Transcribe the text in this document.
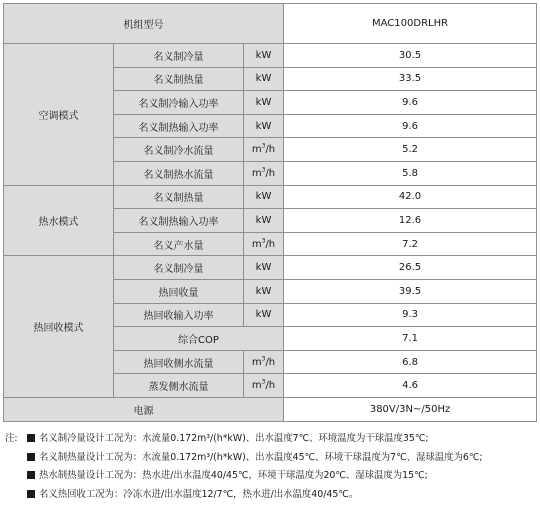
机组型号			MAC100DRLHR
空调模式	名义制冷量	kW	30.5
	名义制热量	kW	33.5
	名义制冷输入功率	kW	9.6
	名义制热输入功率	kW	9.6
	名义制冷水流量	$m^3/h$	5.2
	名义制热水流量	$m^3/h$	5.8
热水模式	名义制热量	kW	42.0
	名义制热输入功率	kW	12.6
	名义产水量	$m^3/h$	7.2
热回收模式	名义制冷量	kW	26.5
	热回收量	kW	39.5
	热回收输入功率	kW	9.3
	综合COP		7.1
	热回收侧水流量	$m^3/h$	6.8
	蒸发侧水流量	$m^3/h$	4.6
电源			380V/3N~/50Hz
注: 名义制冷量设计工况为：水流量0.172m³/(h*kW)、出水温度7℃、环境温度为干球温度35℃;
名义制热量设计工况为：水流量0.172m³/(h*kW)、出水温度45℃、环境干球温度为7℃、湿球温度为6℃;
热水制热量设计工况为：热水进/出水温度40/45℃，环境干球温度为20℃、湿球温度为15℃;
名义热回收工况为：冷冻水进/出水温度12/7℃，热水进/出水温度40/45℃。
